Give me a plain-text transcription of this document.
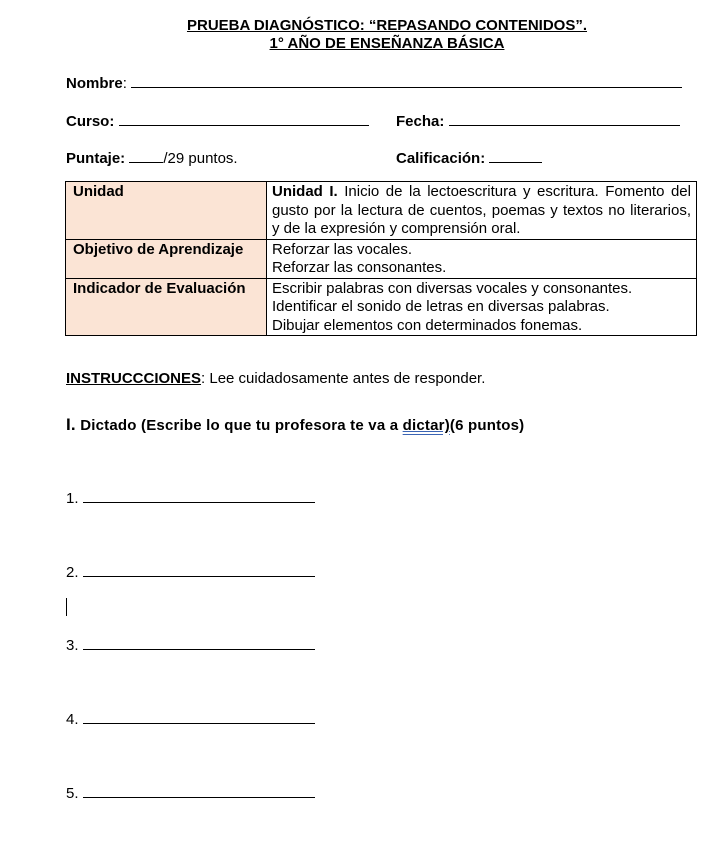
PRUEBA DIAGNÓSTICO: “REPASANDO CONTENIDOS”.
1° AÑO DE ENSEÑANZA BÁSICA
Nombre:
Curso:	Fecha:
Puntaje:	/29 puntos.	Calificación:
Unidad	Unidad I. Inicio de la lectoescritura y escritura. Fomento del gusto por la lectura de cuentos, poemas y textos no literarios, y de la expresión y comprensión oral.
Objetivo de Aprendizaje	Reforzar las vocales.
Reforzar las consonantes.

Indicador de Evaluación	Escribir palabras con diversas vocales y consonantes.
Identificar el sonido de letras en diversas palabras.
Dibujar elementos con determinados fonemas.
INSTRUCCCIONES: Lee cuidadosamente antes de responder.
I. Dictado (Escribe lo que tu profesora te va a dictar)(6 puntos)
1.
2.
3.
4.
5.
